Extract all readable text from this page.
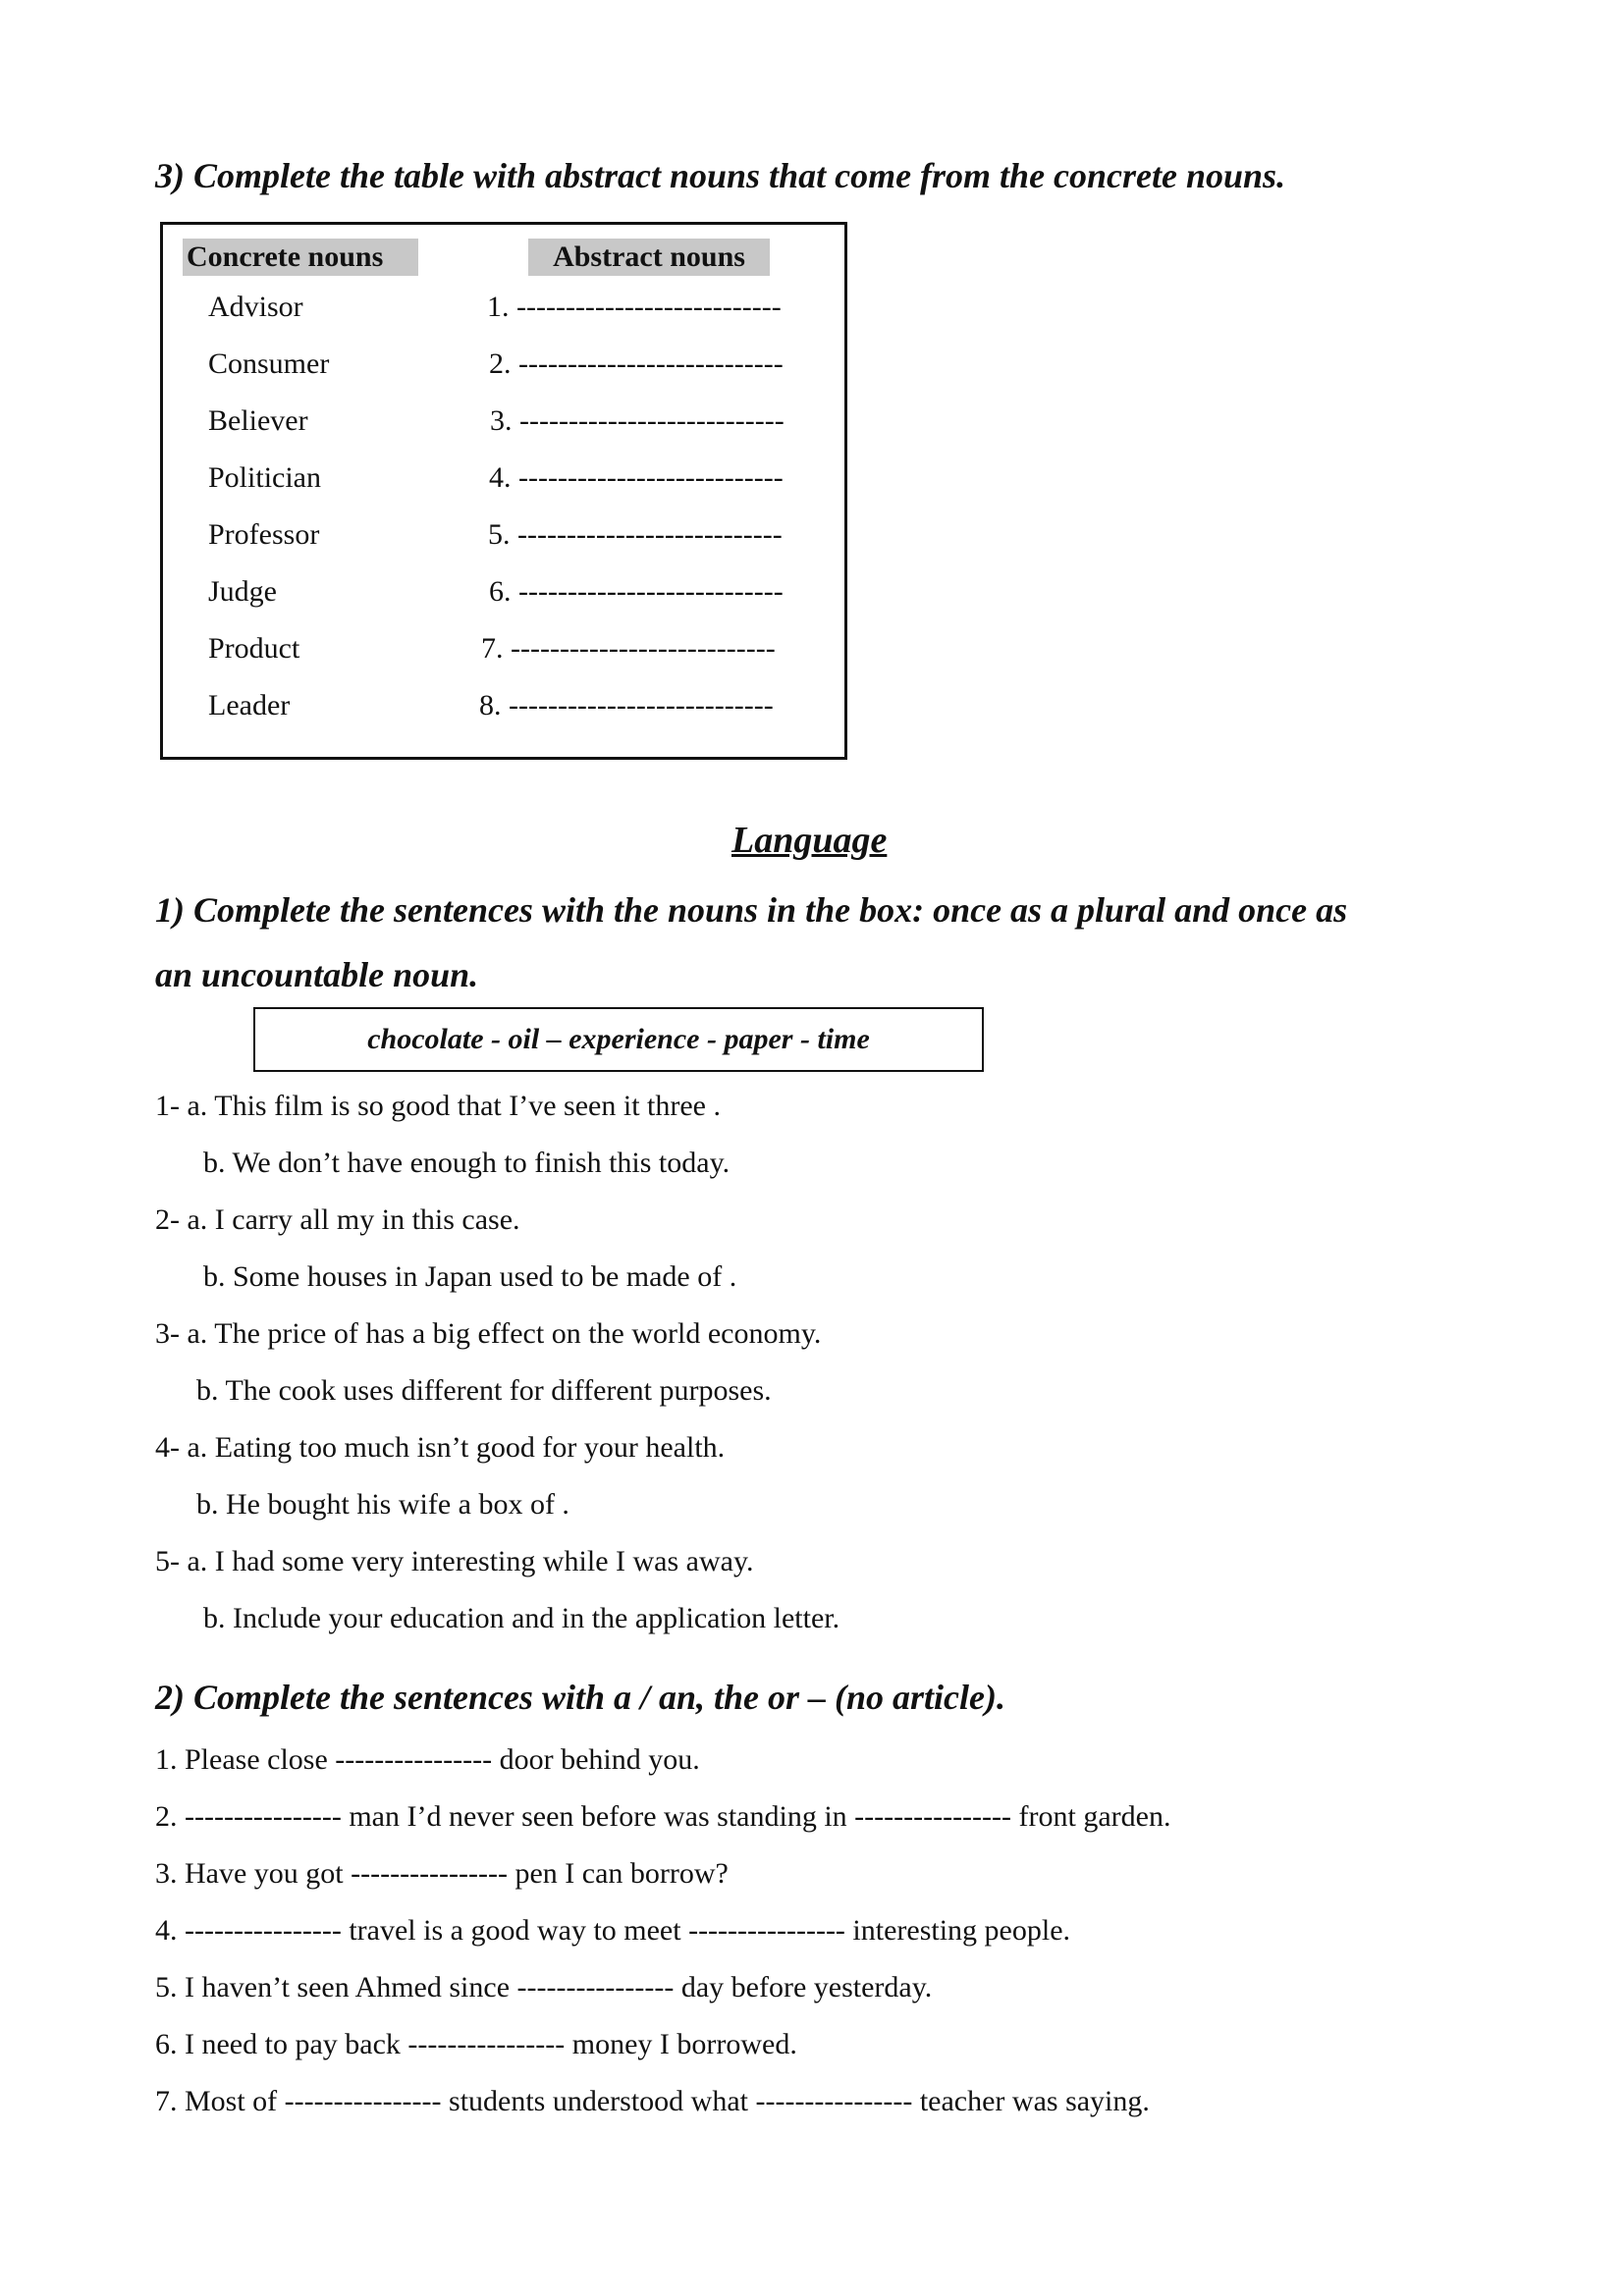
3) Complete the table with abstract nouns that come from the concrete nouns.
Concrete nouns	Abstract nouns
Advisor	1. ---------------------------
Consumer	2. ---------------------------
Believer	3. ---------------------------
Politician	4. ---------------------------
Professor	5. ---------------------------
Judge	6. ---------------------------
Product	7. ---------------------------
Leader	8. ---------------------------
Language
1) Complete the sentences with the nouns in the box: once as a plural and once as
an uncountable noun.
chocolate - oil – experience - paper - time
1- a. This film is so good that I’ve seen it three .
b. We don’t have enough to finish this today.
2- a. I carry all my in this case.
b. Some houses in Japan used to be made of .
3- a. The price of has a big effect on the world economy.
b. The cook uses different for different purposes.
4- a. Eating too much isn’t good for your health.
b. He bought his wife a box of .
5- a. I had some very interesting while I was away.
b. Include your education and in the application letter.
2) Complete the sentences with a / an, the or – (no article).
1. Please close ---------------- door behind you.
2. ---------------- man I’d never seen before was standing in ---------------- front garden.
3. Have you got ---------------- pen I can borrow?
4. ---------------- travel is a good way to meet ---------------- interesting people.
5. I haven’t seen Ahmed since ---------------- day before yesterday.
6. I need to pay back ---------------- money I borrowed.
7. Most of ---------------- students understood what ---------------- teacher was saying.
